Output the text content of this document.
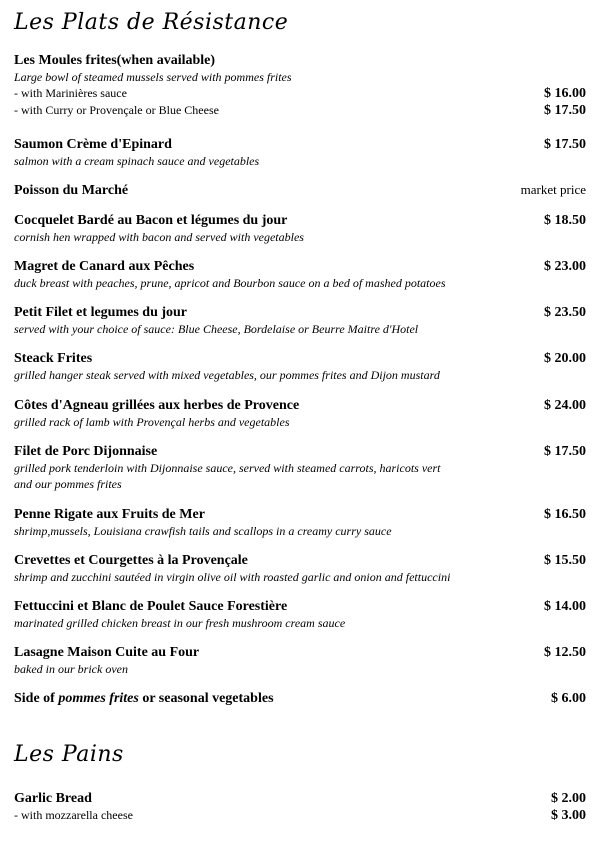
Les Plats de Résistance
Les Moules frites(when available)
Large bowl of steamed mussels served with pommes frites
- with Marinières sauce	$ 16.00
- with Curry or Provençale or Blue Cheese	$ 17.50
Saumon Crème d'Epinard	$ 17.50
salmon with a cream spinach sauce and vegetables
Poisson du Marché	market price
Cocquelet Bardé au Bacon et légumes du jour	$ 18.50
cornish hen wrapped with bacon and served with vegetables
Magret de Canard aux Pêches	$ 23.00
duck breast with peaches, prune, apricot and Bourbon sauce on a bed of mashed potatoes
Petit Filet et legumes du jour	$ 23.50
served with your choice of sauce: Blue Cheese, Bordelaise or Beurre Maitre d'Hotel
Steack Frites	$ 20.00
grilled hanger steak served with mixed vegetables, our pommes frites and Dijon mustard
Côtes d'Agneau grillées aux herbes de Provence	$ 24.00
grilled rack of lamb with Provençal herbs and vegetables
Filet de Porc Dijonnaise	$ 17.50
grilled pork tenderloin with Dijonnaise sauce, served with steamed carrots, haricots vert
and our pommes frites
Penne Rigate aux Fruits de Mer	$ 16.50
shrimp,mussels, Louisiana crawfish tails and scallops in a creamy curry sauce
Crevettes et Courgettes à la Provençale	$ 15.50
shrimp and zucchini sautéed in virgin olive oil with roasted garlic and onion and fettuccini
Fettuccini et Blanc de Poulet Sauce Forestière	$ 14.00
marinated grilled chicken breast in our fresh mushroom cream sauce
Lasagne Maison Cuite au Four	$ 12.50
baked in our brick oven
Side of pommes frites or seasonal vegetables	$ 6.00
Les Pains
Garlic Bread	$ 2.00
- with mozzarella cheese	$ 3.00
